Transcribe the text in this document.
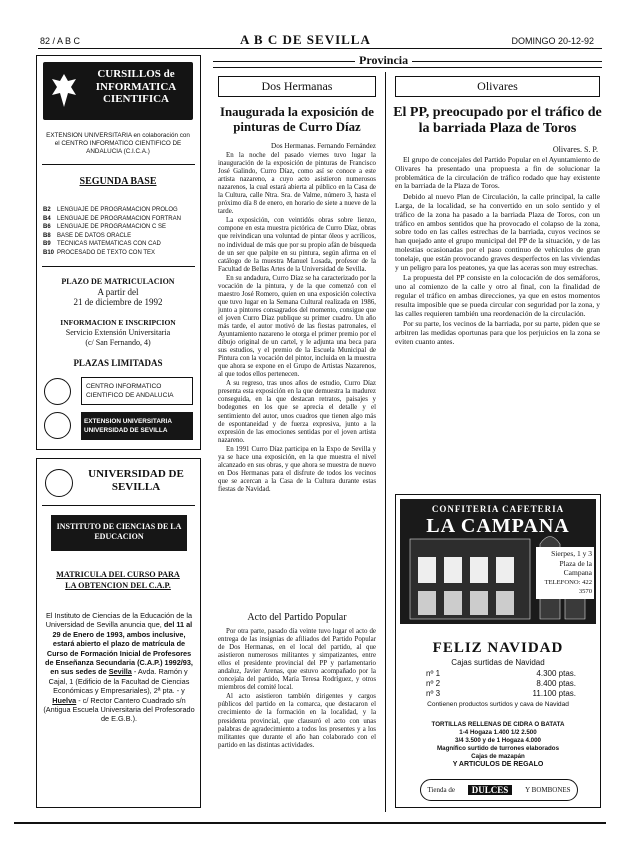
82 / A B C	A B C DE SEVILLA	DOMINGO 20-12-92
CURSILLOS de INFORMATICA CIENTIFICA
EXTENSION UNIVERSITARIA en colaboración con el CENTRO INFORMATICO CIENTIFICO DE ANDALUCIA (C.I.C.A.)
SEGUNDA BASE
B2 LENGUAJE DE PROGRAMACION PROLOG
B4 LENGUAJE DE PROGRAMACION FORTRAN
B6 LENGUAJE DE PROGRAMACION C SE
B8 BASE DE DATOS ORACLE
B9 TECNICAS MATEMATICAS CON CAD
B10 PROCESADO DE TEXTO CON TEX
PLAZO DE MATRICULACION
A partir del
21 de diciembre de 1992
INFORMACION E INSCRIPCION
Servicio Extensión Universitaria
(c/ San Fernando, 4)
PLAZAS LIMITADAS
CENTRO INFORMATICO
CIENTIFICO DE ANDALUCIA
EXTENSION UNIVERSITARIA
UNIVERSIDAD DE SEVILLA
UNIVERSIDAD DE SEVILLA
INSTITUTO DE CIENCIAS DE LA EDUCACION
MATRICULA DEL CURSO PARA
LA OBTENCION DEL C.A.P.
El Instituto de Ciencias de la Educación de la Universidad de Sevilla anuncia que, del 11 al 29 de Enero de 1993, ambos inclusive, estará abierto el plazo de matrícula de Curso de Formación Inicial de Profesores de Enseñanza Secundaria (C.A.P.) 1992/93, en sus sedes de Sevilla - Avda. Ramón y Cajal, 1 (Edificio de la Facultad de Ciencias Económicas y Empresariales), 2ª pta. - y Huelva - c/ Rector Cantero Cuadrado s/n (Antigua Escuela Universitaria del Profesorado de E.G.B.).
Provincia
Dos Hermanas
Inaugurada la exposición de pinturas de Curro Díaz
Dos Hermanas. Fernando Fernández

En la noche del pasado viernes tuvo lugar la inauguración de la exposición de pinturas de Francisco José Galindo, Curro Díaz, como así se conoce a este artista nazareno, a cuyo acto asistieron numerosos nazarenos, la cual estará abierta al público en la Casa de la Cultura, calle Ntra. Sra. de Valme, número 3, hasta el próximo día 8 de enero, en horario de siete a nueve de la tarde.

La exposición, con veintidós obras sobre lienzo, compone en esta muestra pictórica de Curro Díaz, obras que reivindican una voluntad de pintar óleos y acrílicos, no individual de más que por su propio afán de búsqueda de un ser que palpite en su pintura, según afirma en el catálogo de la muestra Manuel Losada, profesor de la Facultad de Bellas Artes de la Universidad de Sevilla.

En su andadura, Curro Díaz se ha caracterizado por la vocación de la pintura, y de la que comenzó con el maestro José Romero, quien en una exposición colectiva que tuvo lugar en la Semana Cultural realizada en 1986, junto a pintores consagrados del momento, consigue que el joven Curro Díaz publique su primer cuadro. Un año más tarde, el autor motivó de las fiestas patronales, el Ayuntamiento nazareno le otorga el primer premio por el dibujo original de un cartel, y le adjunta una beca para sus estudios, y el premio de la Escuela Municipal de Pintura con la vocación del pintor, incluida en la muestra que ahora se expone en el Grupo de Artistas Nazarenos, al que todos ellos pertenecen.

A su regreso, tras unos años de estudio, Curro Díaz presenta esta exposición en la que demuestra la madurez conseguida, en la que destacan retratos, paisajes y bodegones en los que se aprecia el detalle y el sentimiento del autor, unos cuadros que tienen algo más de espontaneidad y de fuerza expresiva, junto a la expresión de las emociones sentidas por el joven artista nazareno.

En 1991 Curro Díaz participa en la Expo de Sevilla y ya se hace una exposición, en la que muestra el nivel alcanzado en sus obras, y que ahora se muestra de nuevo en Dos Hermanas para el disfrute de todos los vecinos que se acercan a la Casa de la Cultura durante estas fiestas de Navidad.

Acto del Partido Popular

Por otra parte, pasado día veinte tuvo lugar el acto de entrega de las insignias de afiliados del Partido Popular de Dos Hermanas, en el local del partido, al que asistieron numerosos militantes y simpatizantes, entre ellos el presidente provincial del PP y parlamentario andaluz, Javier Arenas, que estuvo acompañado por la concejala del partido, María Teresa Rodríguez, y otros miembros del comité local.

Al acto asistieron también dirigentes y cargos públicos del partido en la comarca, que destacaron el crecimiento de la formación en la localidad, y la presidenta provincial, que clausuró el acto con unas palabras de agradecimiento a todos los presentes y a los militantes que durante el año han colaborado con el partido en las distintas actividades.

Olivares
El PP, preocupado por el tráfico de la barriada Plaza de Toros
Olivares. S. P.

El grupo de concejales del Partido Popular en el Ayuntamiento de Olivares ha presentado una propuesta a fin de solucionar la problemática de la circulación de tráfico rodado que hay existente en la barriada de la Plaza de Toros.

Debido al nuevo Plan de Circulación, la calle principal, la calle Larga, de la localidad, se ha convertido en un solo sentido y el tráfico de la zona ha pasado a la barriada Plaza de Toros, con un tráfico en ambos sentidos que ha provocado el colapso de la zona, sobre todo en las calles estrechas de la barriada, cuyos vecinos se han quejado ante el grupo municipal del PP de la situación, y de las molestias ocasionadas por el paso continuo de vehículos de gran tonelaje, que están provocando graves desperfectos en las viviendas y un peligro para los peatones, ya que las aceras son muy estrechas.

La propuesta del PP consiste en la colocación de dos semáforos, uno al comienzo de la calle y otro al final, con la finalidad de regular el tráfico en ambas direcciones, ya que en estos momentos resulta imposible que se pueda circular con seguridad por la zona, y las calles requieren también una reordenación de la circulación.

Por su parte, los vecinos de la barriada, por su parte, piden que se arbitren las medidas oportunas para que los perjuicios en la zona se eviten cuanto antes.

CONFITERIA CAFETERIA
LA CAMPANA
Sierpes, 1 y 3
Plaza de la Campana
TELEFONO: 422 3570
FELIZ NAVIDAD
Cajas surtidas de Navidad
nº 1	4.300 ptas.
nº 2	8.400 ptas.
nº 3	11.100 ptas.
Contienen productos surtidos y cava de Navidad
TORTILLAS RELLENAS DE CIDRA O BATATA
1-4 Hogaza 1.400 1/2 2.500
3/4 3.500 y de 1 Hogaza 4.000
Magnífico surtido de turrones elaborados
Cajas de mazapán
Y ARTICULOS DE REGALO
Tienda de	DULCES	Y BOMBONES
